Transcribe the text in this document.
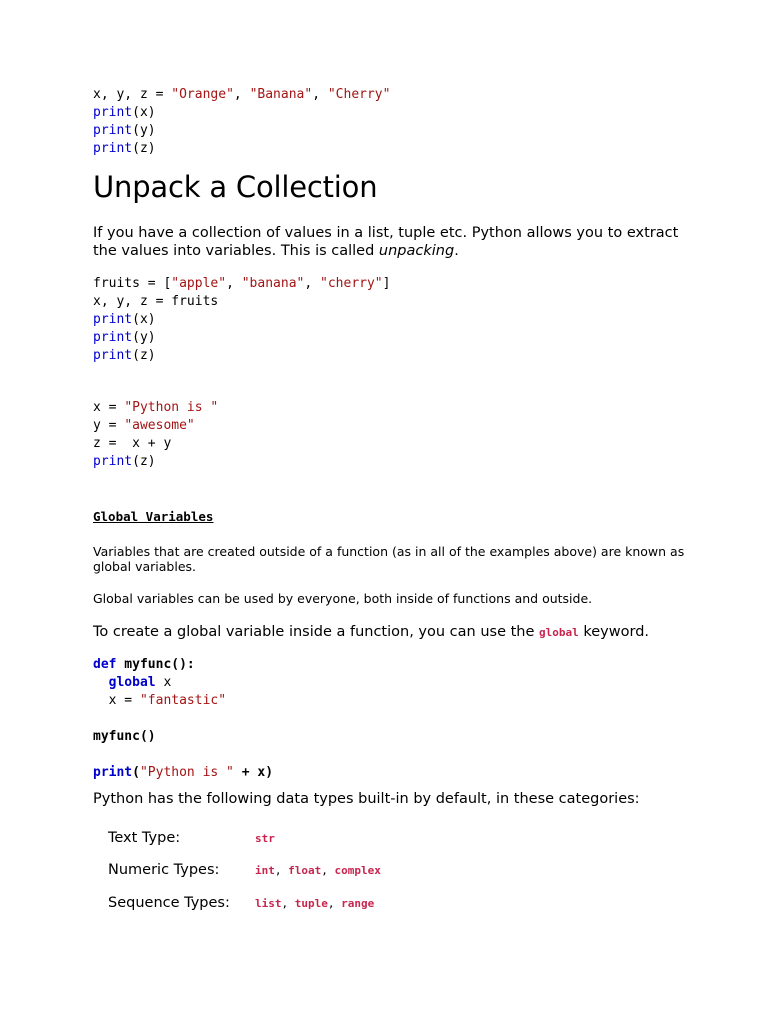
x, y, z = "Orange", "Banana", "Cherry"
print(x)
print(y)
print(z)
Unpack a Collection

If you have a collection of values in a list, tuple etc. Python allows you to extract the values into variables. This is called unpacking.

fruits = ["apple", "banana", "cherry"]
x, y, z = fruits
print(x)
print(y)
print(z)
x = "Python is "
y = "awesome"
z =  x + y
print(z)
Global Variables

Variables that are created outside of a function (as in all of the examples above) are known as global variables.

Global variables can be used by everyone, both inside of functions and outside.

To create a global variable inside a function, you can use the global keyword.

def myfunc():
global x
x = "fantastic"

myfunc()

print("Python is " + x)

Python has the following data types built-in by default, in these categories:

Text Type:	str
Numeric Types:	int, float, complex
Sequence Types: list, tuple, range
